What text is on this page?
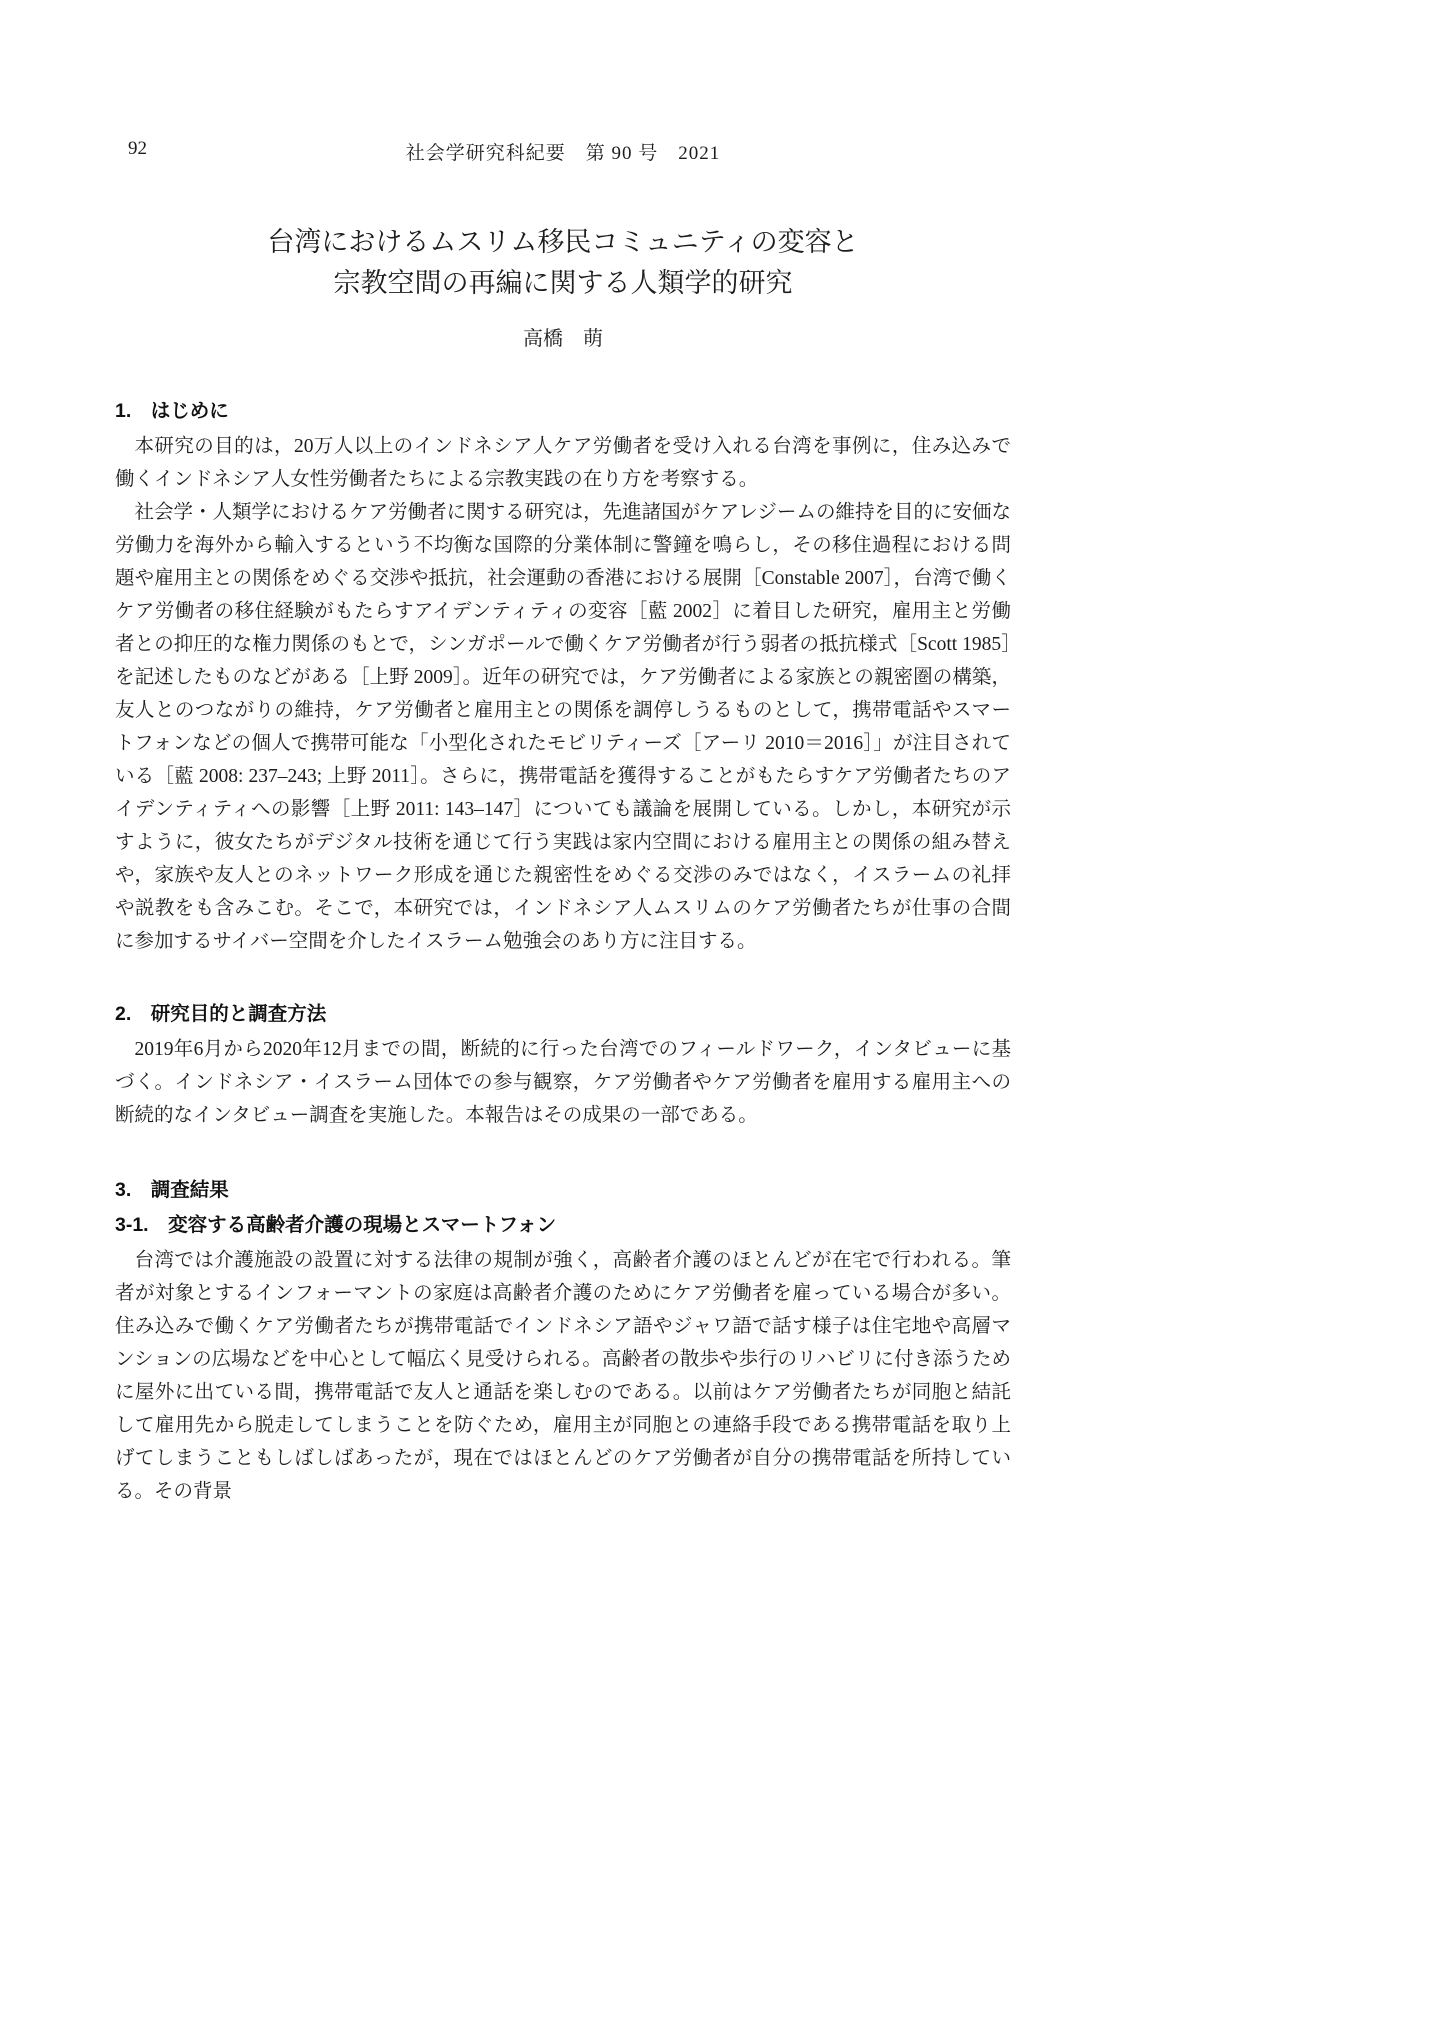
92	社会学研究科紀要　第 90 号　2021
台湾におけるムスリム移民コミュニティの変容と
宗教空間の再編に関する人類学的研究
高橋　萌
1.　はじめに

本研究の目的は，20万人以上のインドネシア人ケア労働者を受け入れる台湾を事例に，住み込みで働くインドネシア人女性労働者たちによる宗教実践の在り方を考察する。

社会学・人類学におけるケア労働者に関する研究は，先進諸国がケアレジームの維持を目的に安価な労働力を海外から輸入するという不均衡な国際的分業体制に警鐘を鳴らし，その移住過程における問題や雇用主との関係をめぐる交渉や抵抗，社会運動の香港における展開［Constable 2007］，台湾で働くケア労働者の移住経験がもたらすアイデンティティの変容［藍 2002］に着目した研究，雇用主と労働者との抑圧的な権力関係のもとで，シンガポールで働くケア労働者が行う弱者の抵抗様式［Scott 1985］を記述したものなどがある［上野 2009］。近年の研究では，ケア労働者による家族との親密圏の構築，友人とのつながりの維持，ケア労働者と雇用主との関係を調停しうるものとして，携帯電話やスマートフォンなどの個人で携帯可能な「小型化されたモビリティーズ［アーリ 2010＝2016］」が注目されている［藍 2008: 237–243; 上野 2011］。さらに，携帯電話を獲得することがもたらすケア労働者たちのアイデンティティへの影響［上野 2011: 143–147］についても議論を展開している。しかし，本研究が示すように，彼女たちがデジタル技術を通じて行う実践は家内空間における雇用主との関係の組み替えや，家族や友人とのネットワーク形成を通じた親密性をめぐる交渉のみではなく，イスラームの礼拝や説教をも含みこむ。そこで，本研究では，インドネシア人ムスリムのケア労働者たちが仕事の合間に参加するサイバー空間を介したイスラーム勉強会のあり方に注目する。

2.　研究目的と調査方法

2019年6月から2020年12月までの間，断続的に行った台湾でのフィールドワーク，インタビューに基づく。インドネシア・イスラーム団体での参与観察，ケア労働者やケア労働者を雇用する雇用主への断続的なインタビュー調査を実施した。本報告はその成果の一部である。

3.　調査結果
3-1.　変容する高齢者介護の現場とスマートフォン

台湾では介護施設の設置に対する法律の規制が強く，高齢者介護のほとんどが在宅で行われる。筆者が対象とするインフォーマントの家庭は高齢者介護のためにケア労働者を雇っている場合が多い。住み込みで働くケア労働者たちが携帯電話でインドネシア語やジャワ語で話す様子は住宅地や高層マンションの広場などを中心として幅広く見受けられる。高齢者の散歩や歩行のリハビリに付き添うために屋外に出ている間，携帯電話で友人と通話を楽しむのである。以前はケア労働者たちが同胞と結託して雇用先から脱走してしまうことを防ぐため，雇用主が同胞との連絡手段である携帯電話を取り上げてしまうこともしばしばあったが，現在ではほとんどのケア労働者が自分の携帯電話を所持している。その背景
